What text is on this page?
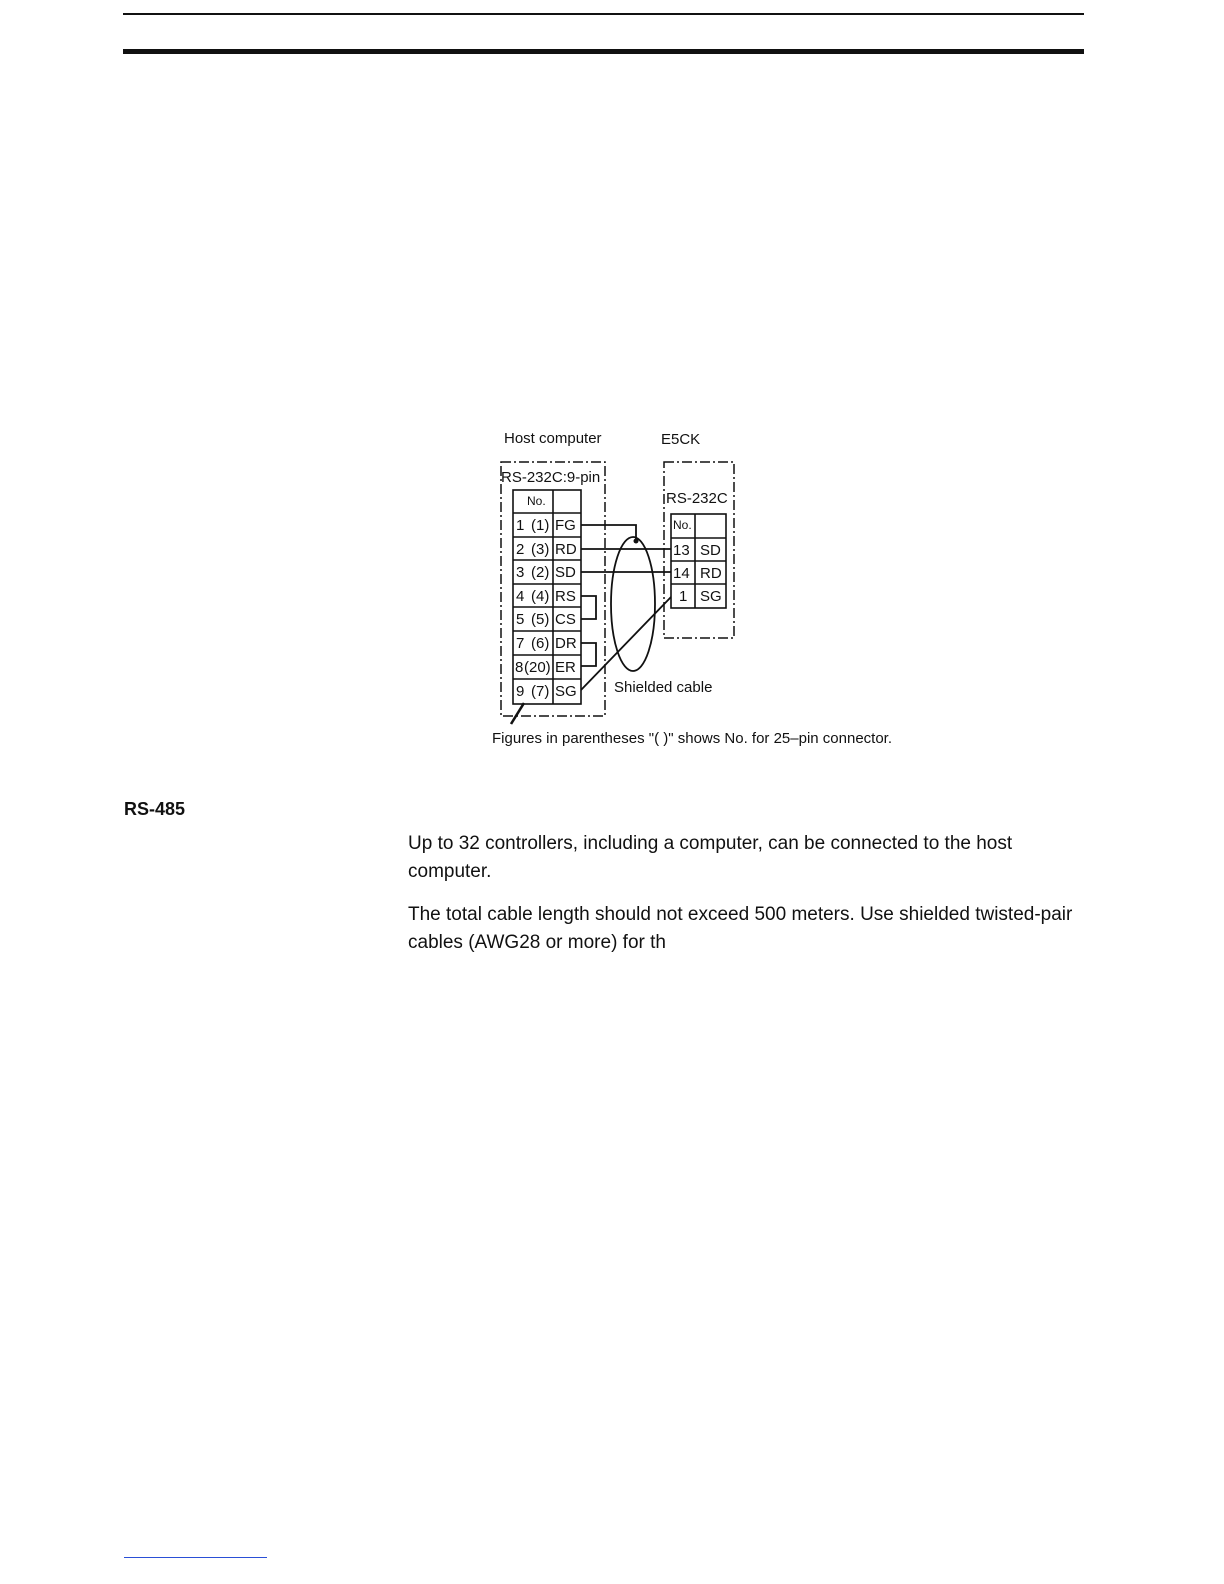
Host computer	E5CK
RS-232C:9-pin
RS-232C
No.
1 (1) FG
2 (3) RD
3 (2) SD
4 (4) RS
5 (5) CS
7 (6) DR
8 (20) ER
9 (7) SG
No.
13 SD
14 RD
1 SG
Shielded cable
Figures in parentheses "( )" shows No. for 25–pin connector.
RS-485

Up to 32 controllers, including a computer, can be connected to the host computer.

The total cable length should not exceed 500 meters. Use shielded twisted-pair cables (AWG28 or more) for th
